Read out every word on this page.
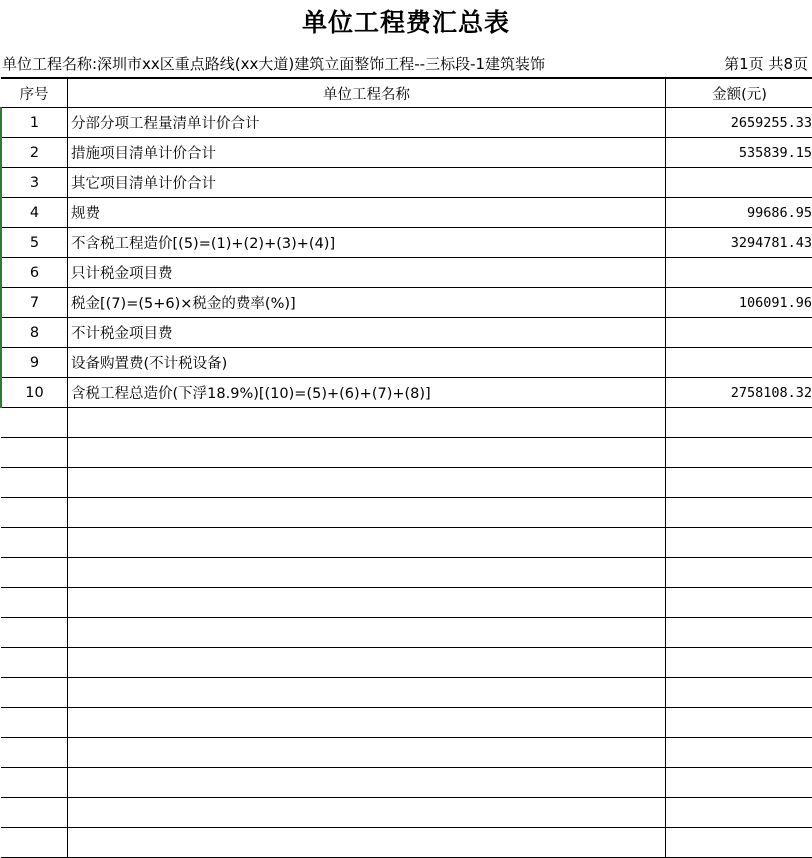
单位工程费汇总表
单位工程名称:深圳市xx区重点路线(xx大道)建筑立面整饰工程--三标段-1建筑装饰	第1页 共8页
序号	单位工程名称	金额(元)
1	分部分项工程量清单计价合计	2659255.33
2	措施项目清单计价合计	535839.15
3	其它项目清单计价合计	
4	规费	99686.95
5	不含税工程造价[(5)=(1)+(2)+(3)+(4)]	3294781.43
6	只计税金项目费	
7	税金[(7)=(5+6)×税金的费率(%)]	106091.96
8	不计税金项目费	
9	设备购置费(不计税设备)	
10	含税工程总造价(下浮18.9%)[(10)=(5)+(6)+(7)+(8)]	2758108.32
